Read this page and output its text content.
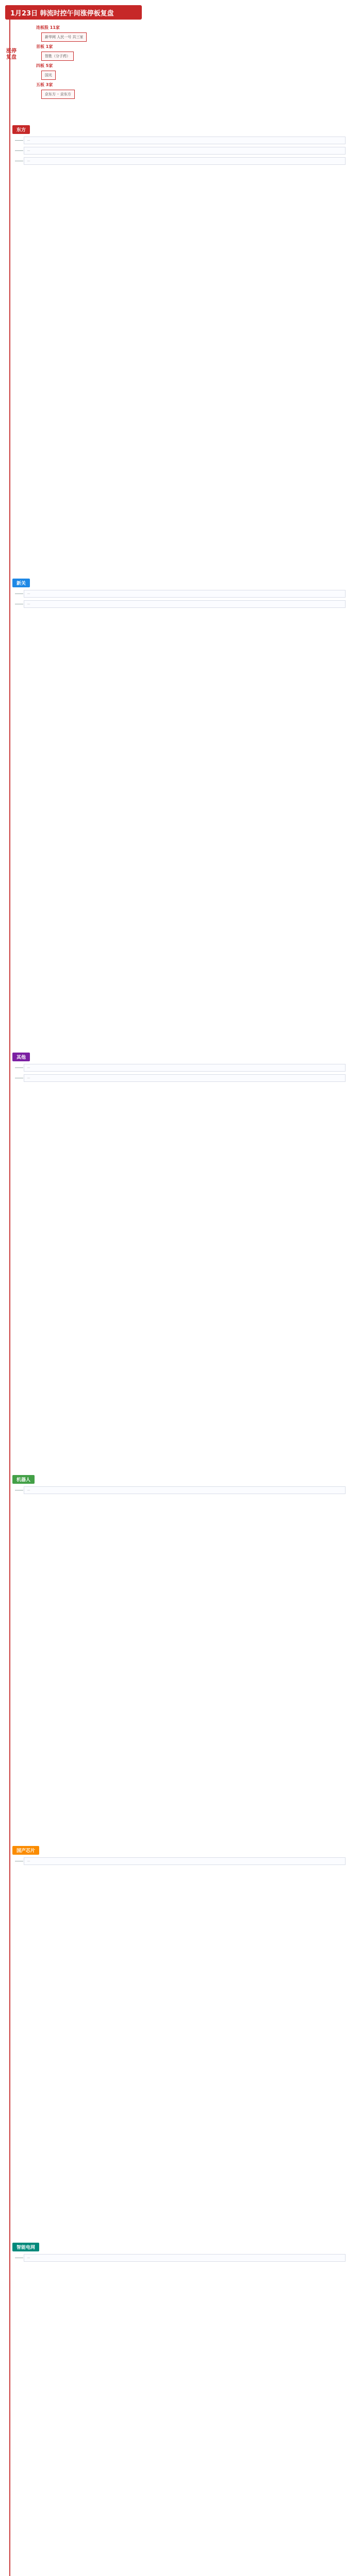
1月23日 韩流时控午间涨停板复盘
涨停复盘
连板股 11家
新华网 人民一号 共三家
首板 1家
智胜（分子药）
四板 5家
国光
五板 3家
京东方 ·· 京东方
东方
…
…
…
新关
…
…
其他
…
…
机器人
…
国产芯片
…
智能电网
…
